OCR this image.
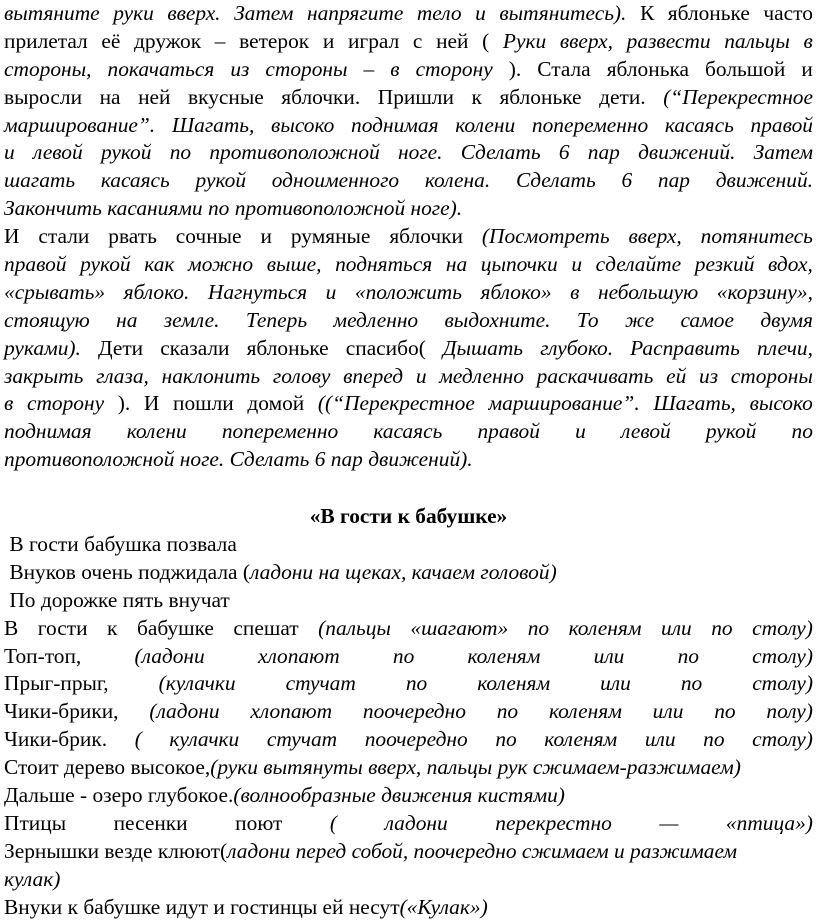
вытяните руки вверх. Затем напрягите тело и вытянитесь). К яблоньке часто
прилетал её дружок – ветерок и играл с ней ( Руки вверх, развести пальцы в
стороны, покачаться из стороны – в сторону ). Стала яблонька большой и
выросли на ней вкусные яблочки. Пришли к яблоньке дети. (“Перекрестное
маршировани‍е”. Шагать, высоко поднимая колени попеременно касаясь правой
и левой рукой по противоположной ноге. Сделать 6 пар движений. Затем
шагать касаясь рукой одноименного колена. Сделать 6 пар движений.
Закончить касаниями по противоположной ноге).
И стали рвать сочные и румяные яблочки (Посмотреть вверх, потянитесь
правой рукой как можно выше, подняться на цыпочки и сделайте резкий вдох,
«срывать» яблоко. Нагнуться и «положить яблоко» в небольшую «корзину»,
стоящую на земле. Теперь медленно выдохните. То же самое двумя
руками). Дети сказали яблоньке спасибо( Дышать глубоко. Расправить плечи,
закрыть глаза, наклонить голову вперед и медленно раскачивать ей из стороны
в сторону ). И пошли домой ((“Перекрестное маршировани‍е”. Шагать, высоко
поднимая колени попеременно касаясь правой и левой рукой по
противоположной ноге. Сделать 6 пар движений).
«В гости к бабушке»
В гости бабушка позвала
Внуков очень поджидала (ладони на щеках, качаем головой)
По дорожке пять внучат
В гости к бабушке спешат (пальцы «шагают» по коленям или по столу)
Топ-топ, (ладони хлопают по коленям или по столу)
Прыг-прыг, (кулачки стучат по коленям или по столу)
Чики-брики, (ладони хлопают поочередно по коленям или по полу)
Чики-брик. ( кулачки стучат поочередно по коленям или по столу)
Стоит дерево высокое,(руки вытянуты вверх, пальцы рук сжимаем-разжимаем)
Дальше - озеро глубокое.(волнообразные движения кистями)
Птицы песенки поют ( ладони перекрестно — «птица»)
Зернышки везде клюют(ладони перед собой, поочередно сжимаем и разжимаем
кулак)
Внуки к бабушке идут и гостинцы ей несут(«Кулак»)
